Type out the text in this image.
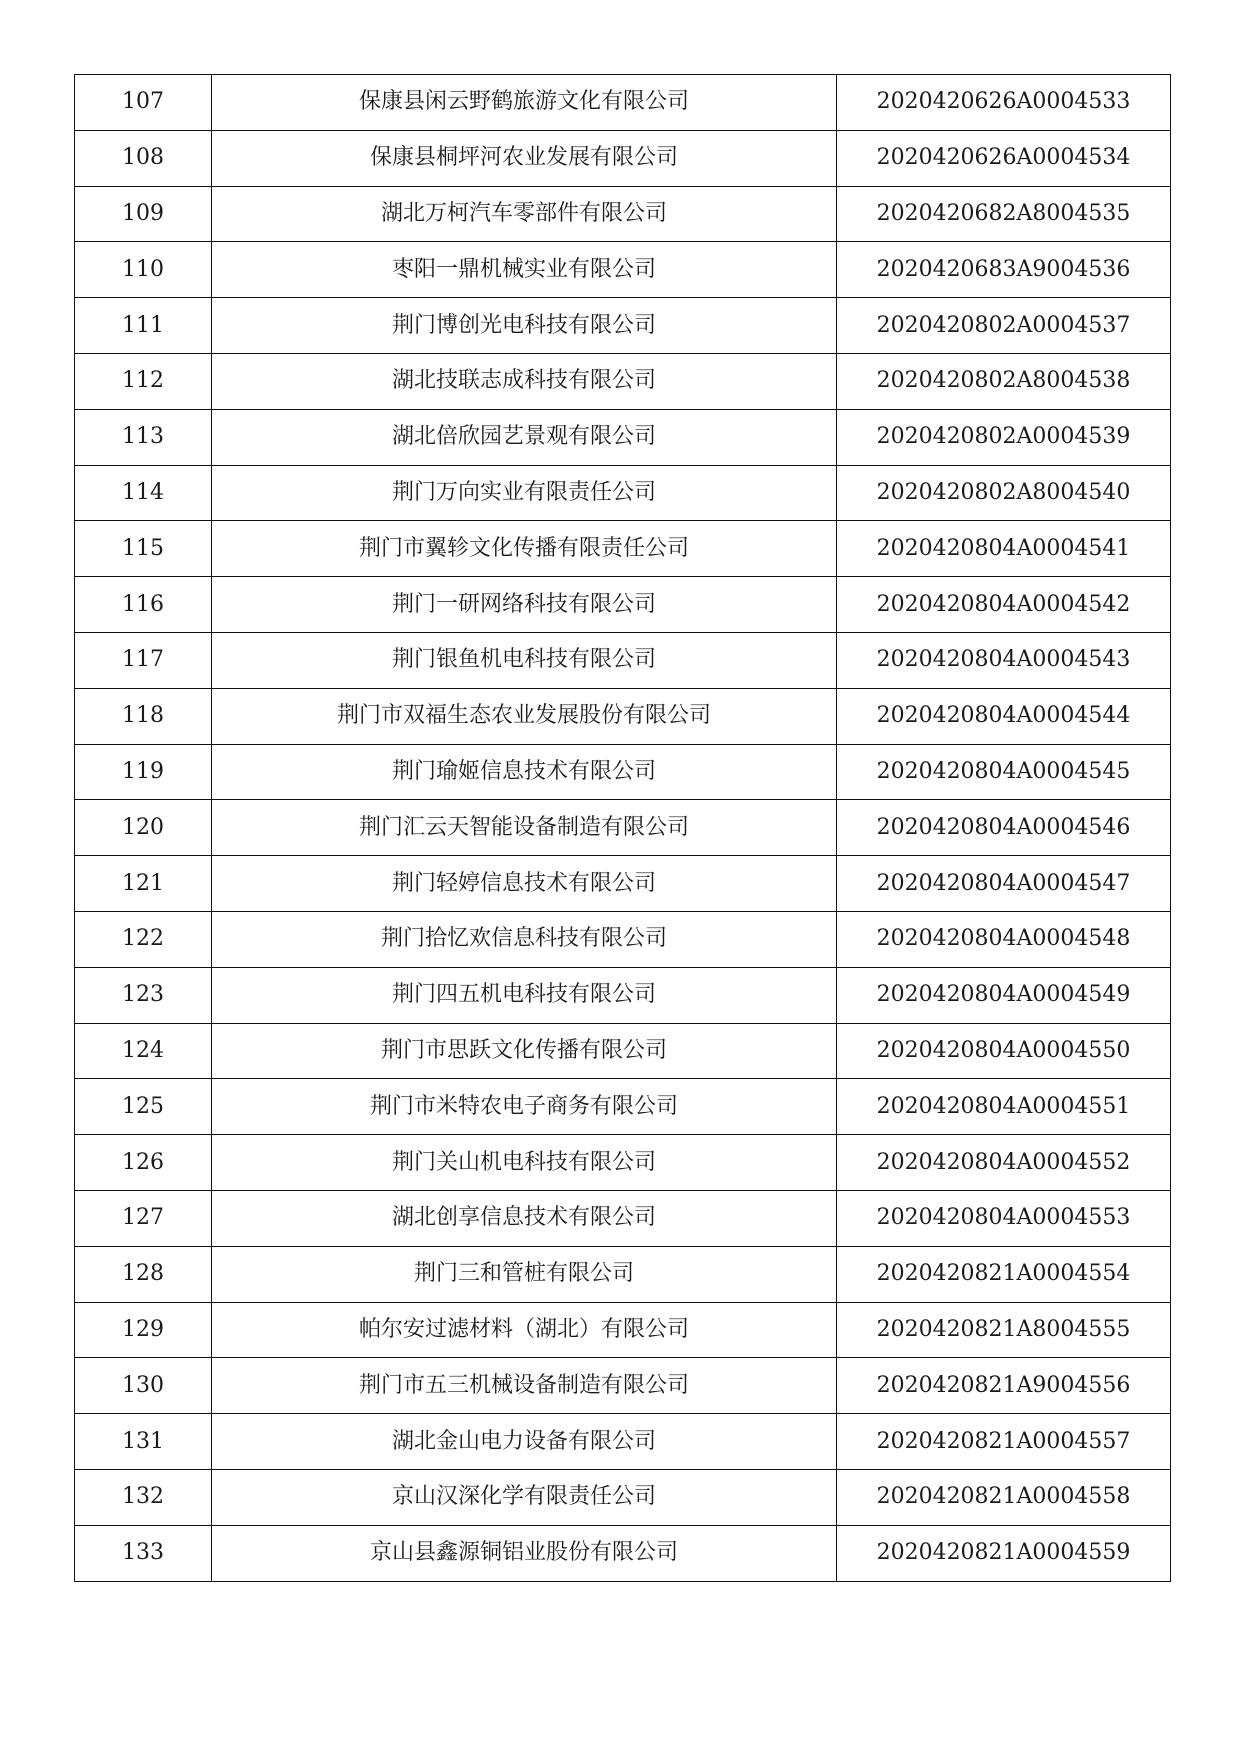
107	保康县闲云野鹤旅游文化有限公司	2020420626A0004533
108	保康县桐坪河农业发展有限公司	2020420626A0004534
109	湖北万柯汽车零部件有限公司	2020420682A8004535
110	枣阳一鼎机械实业有限公司	2020420683A9004536
111	荆门博创光电科技有限公司	2020420802A0004537
112	湖北技联志成科技有限公司	2020420802A8004538
113	湖北倍欣园艺景观有限公司	2020420802A0004539
114	荆门万向实业有限责任公司	2020420802A8004540
115	荆门市翼轸文化传播有限责任公司	2020420804A0004541
116	荆门一研网络科技有限公司	2020420804A0004542
117	荆门银鱼机电科技有限公司	2020420804A0004543
118	荆门市双福生态农业发展股份有限公司	2020420804A0004544
119	荆门瑜姬信息技术有限公司	2020420804A0004545
120	荆门汇云天智能设备制造有限公司	2020420804A0004546
121	荆门轻婷信息技术有限公司	2020420804A0004547
122	荆门拾忆欢信息科技有限公司	2020420804A0004548
123	荆门四五机电科技有限公司	2020420804A0004549
124	荆门市思跃文化传播有限公司	2020420804A0004550
125	荆门市米特农电子商务有限公司	2020420804A0004551
126	荆门关山机电科技有限公司	2020420804A0004552
127	湖北创享信息技术有限公司	2020420804A0004553
128	荆门三和管桩有限公司	2020420821A0004554
129	帕尔安过滤材料（湖北）有限公司	2020420821A8004555
130	荆门市五三机械设备制造有限公司	2020420821A9004556
131	湖北金山电力设备有限公司	2020420821A0004557
132	京山汉深化学有限责任公司	2020420821A0004558
133	京山县鑫源铜铝业股份有限公司	2020420821A0004559
